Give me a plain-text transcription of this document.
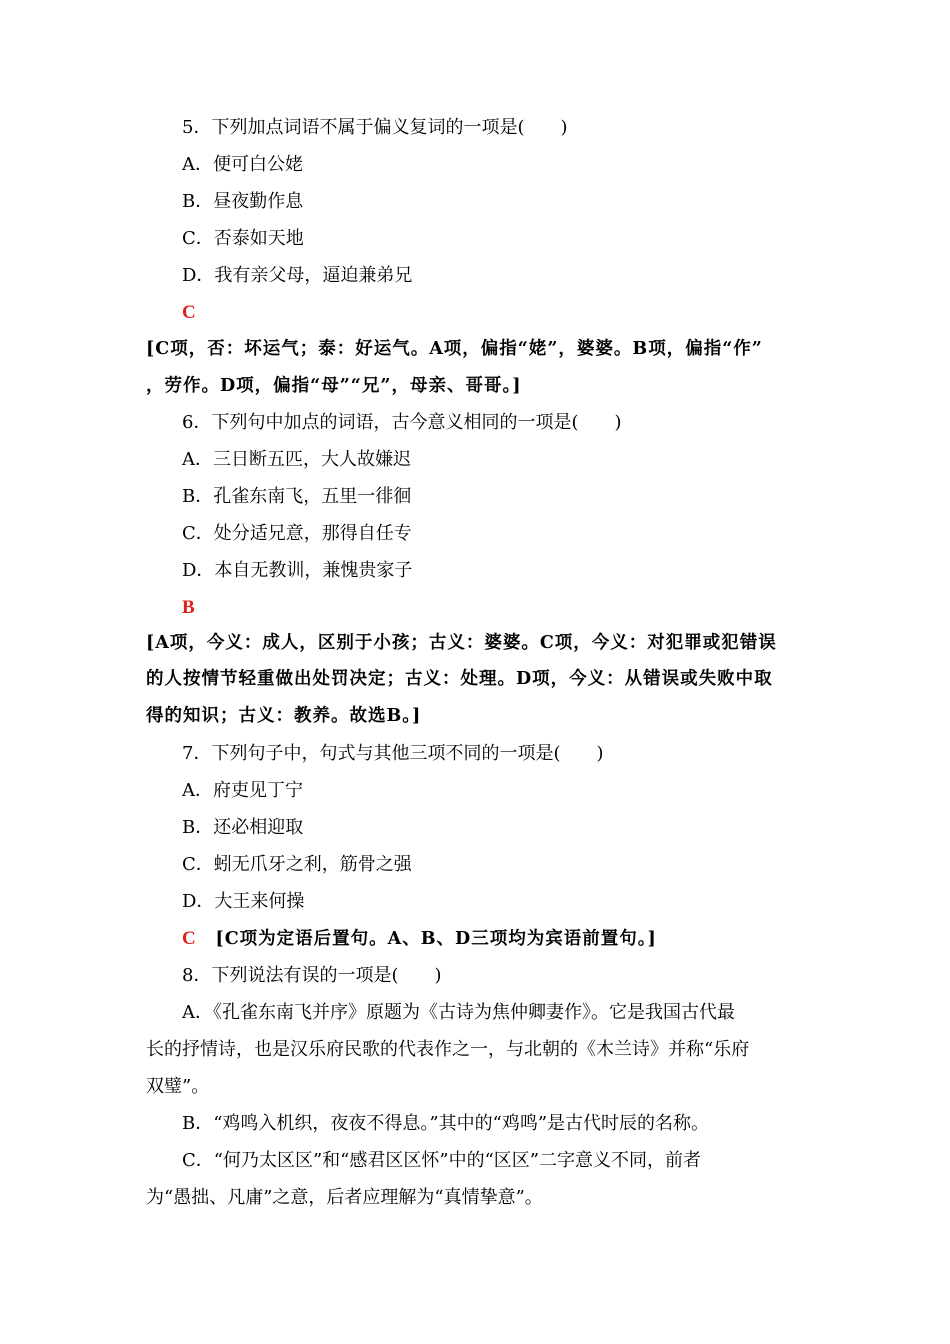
5．下列加点词语不属于偏义复词的一项是(　　)
A．便可白公姥
B．昼夜勤作息
C．否泰如天地
D．我有亲父母，逼迫兼弟兄
C
[C项，否：坏运气；泰：好运气。A项，偏指“姥”，婆婆。B项，偏指“作”
，劳作。D项，偏指“母”“兄”，母亲、哥哥。]
6．下列句中加点的词语，古今意义相同的一项是(　　)
A．三日断五匹，大人故嫌迟
B．孔雀东南飞，五里一徘徊
C．处分适兄意，那得自任专
D．本自无教训，兼愧贵家子
B
[A项，今义：成人，区别于小孩；古义：婆婆。C项，今义：对犯罪或犯错误
的人按情节轻重做出处罚决定；古义：处理。D项，今义：从错误或失败中取
得的知识；古义：教养。故选B。]
7．下列句子中，句式与其他三项不同的一项是(　　)
A．府吏见丁宁
B．还必相迎取
C．蚓无爪牙之利，筋骨之强
D．大王来何操
C [C项为定语后置句。A、B、D三项均为宾语前置句。]
8．下列说法有误的一项是(　　)
A．《孔雀东南飞并序》原题为《古诗为焦仲卿妻作》。它是我国古代最
长的抒情诗，也是汉乐府民歌的代表作之一，与北朝的《木兰诗》并称“乐府
双璧”。
B．“鸡鸣入机织，夜夜不得息。”其中的“鸡鸣”是古代时辰的名称。
C．“何乃太区区”和“感君区区怀”中的“区区”二字意义不同，前者
为“愚拙、凡庸”之意，后者应理解为“真情挚意”。
